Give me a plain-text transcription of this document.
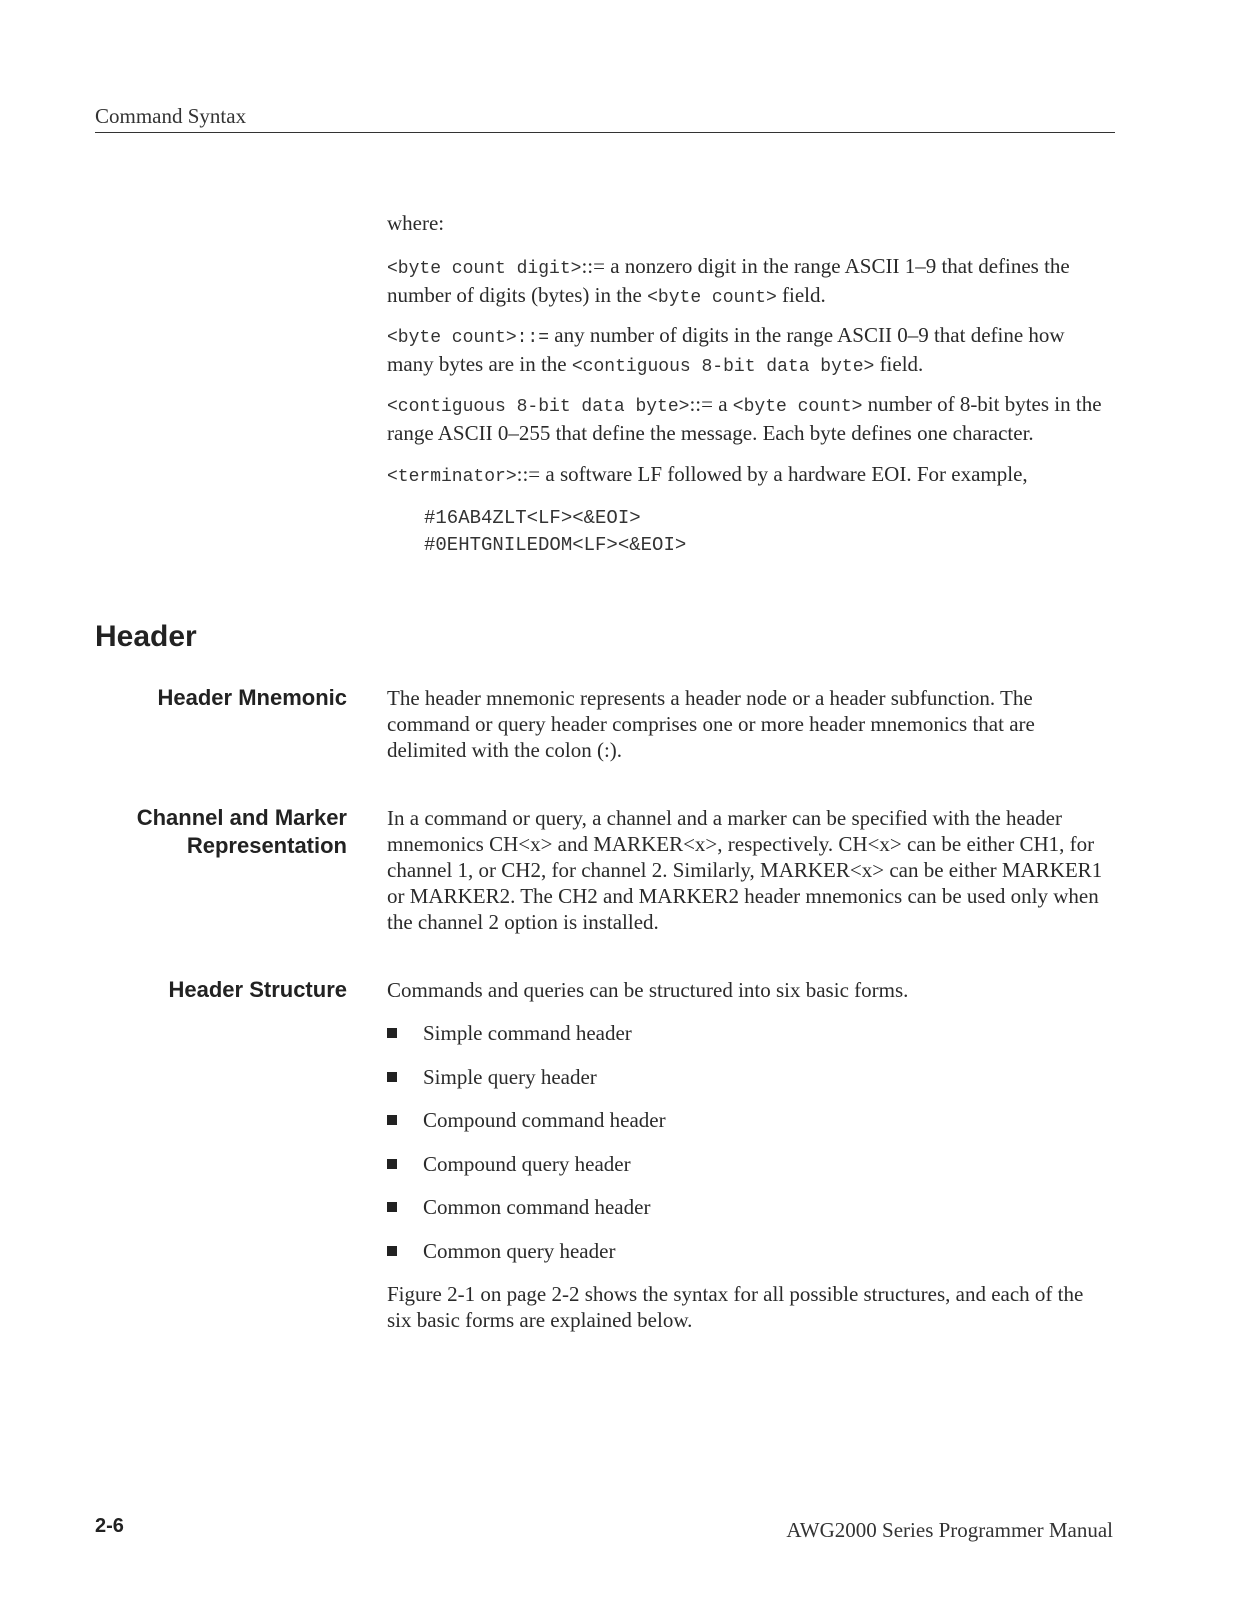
Command Syntax

where:

<byte count digit>::= a nonzero digit in the range ASCII 1–9 that defines the number of digits (bytes) in the <byte count> field.

<byte count>::= any number of digits in the range ASCII 0–9 that define how many bytes are in the <contiguous 8-bit data byte> field.

<contiguous 8-bit data byte>::= a <byte count> number of 8-bit bytes in the range ASCII 0–255 that define the message. Each byte defines one character.

<terminator>::= a software LF followed by a hardware EOI. For example,

#16AB4ZLT<LF><&EOI>
#0EHTGNILEDOM<LF><&EOI>
Header
Header Mnemonic The header mnemonic represents a header node or a header subfunction. The command or query header comprises one or more header mnemonics that are delimited with the colon (:).

Channel and Marker
Representation

In a command or query, a channel and a marker can be specified with the header mnemonics CH<x> and MARKER<x>, respectively. CH<x> can be either CH1, for channel 1, or CH2, for channel 2. Similarly, MARKER<x> can be either MARKER1 or MARKER2. The CH2 and MARKER2 header mnemonics can be used only when the channel 2 option is installed.

Header Structure Commands and queries can be structured into six basic forms.

Simple command header
Simple query header
Compound command header
Compound query header
Common command header
Common query header

Figure 2-1 on page 2-2 shows the syntax for all possible structures, and each of the six basic forms are explained below.

2-6	AWG2000 Series Programmer Manual
